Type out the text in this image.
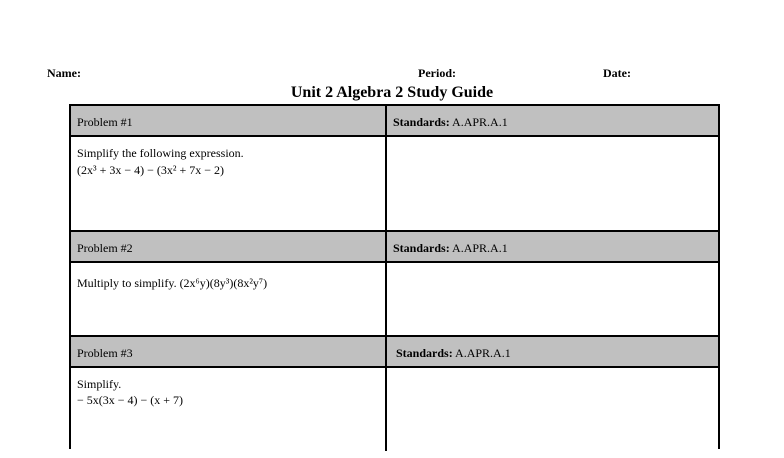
Name:	Period:	Date:
Unit 2 Algebra 2 Study Guide
Problem #1	Standards: A.APR.A.1
Simplify the following expression.
(2x³ + 3x − 4) − (3x² + 7x − 2)
Problem #2	Standards: A.APR.A.1
Multiply to simplify. (2x⁶y)(8y³)(8x²y⁷)
Problem #3	Standards: A.APR.A.1
Simplify.
− 5x(3x − 4) − (x + 7)
